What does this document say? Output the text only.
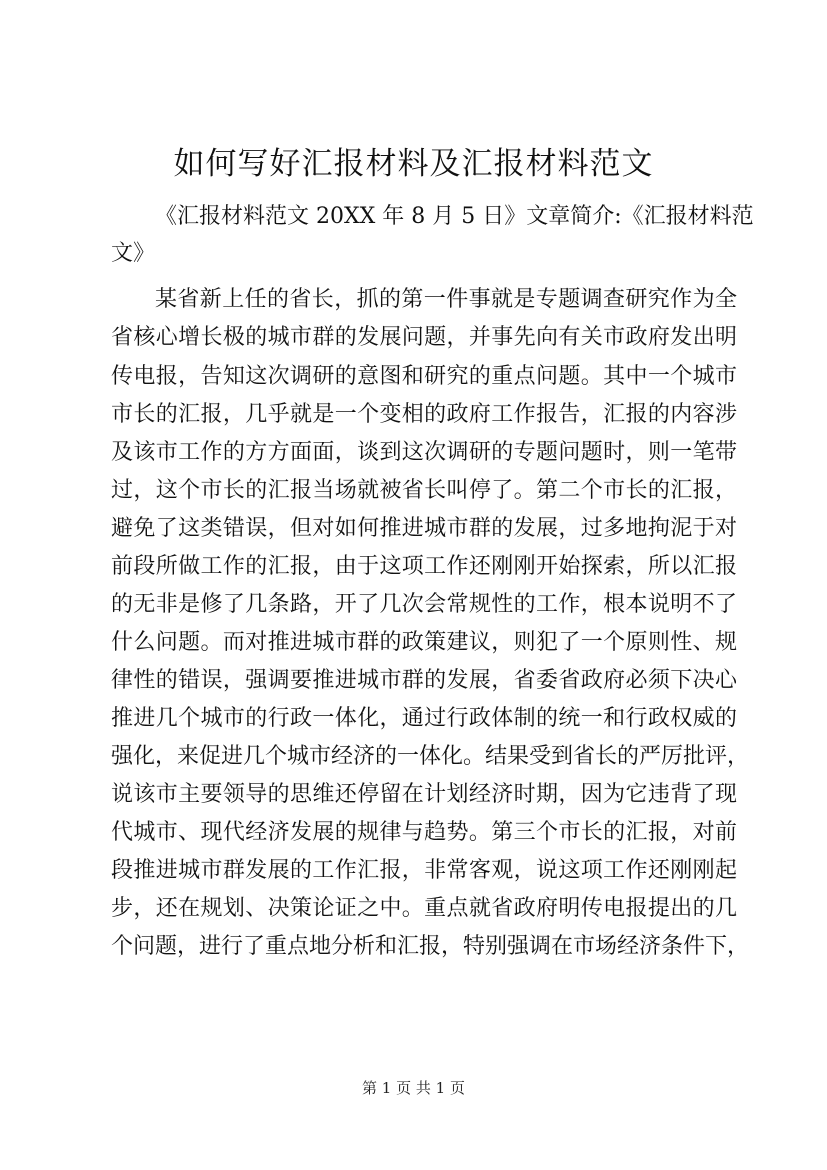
如何写好汇报材料及汇报材料范文

《汇报材料范文 20XX 年 8 月 5 日》文章简介:《汇报材料范

文》

某省新上任的省长，抓的第一件事就是专题调查研究作为全

省核心增长极的城市群的发展问题，并事先向有关市政府发出明

传电报，告知这次调研的意图和研究的重点问题。其中一个城市

市长的汇报，几乎就是一个变相的政府工作报告，汇报的内容涉

及该市工作的方方面面，谈到这次调研的专题问题时，则一笔带

过，这个市长的汇报当场就被省长叫停了。第二个市长的汇报，

避免了这类错误，但对如何推进城市群的发展，过多地拘泥于对

前段所做工作的汇报，由于这项工作还刚刚开始探索，所以汇报

的无非是修了几条路，开了几次会常规性的工作，根本说明不了

什么问题。而对推进城市群的政策建议，则犯了一个原则性、规

律性的错误，强调要推进城市群的发展，省委省政府必须下决心

推进几个城市的行政一体化，通过行政体制的统一和行政权威的

强化，来促进几个城市经济的一体化。结果受到省长的严厉批评，

说该市主要领导的思维还停留在计划经济时期，因为它违背了现

代城市、现代经济发展的规律与趋势。第三个市长的汇报，对前

段推进城市群发展的工作汇报，非常客观，说这项工作还刚刚起

步，还在规划、决策论证之中。重点就省政府明传电报提出的几

个问题，进行了重点地分析和汇报，特别强调在市场经济条件下，

第 1 页 共 1 页
